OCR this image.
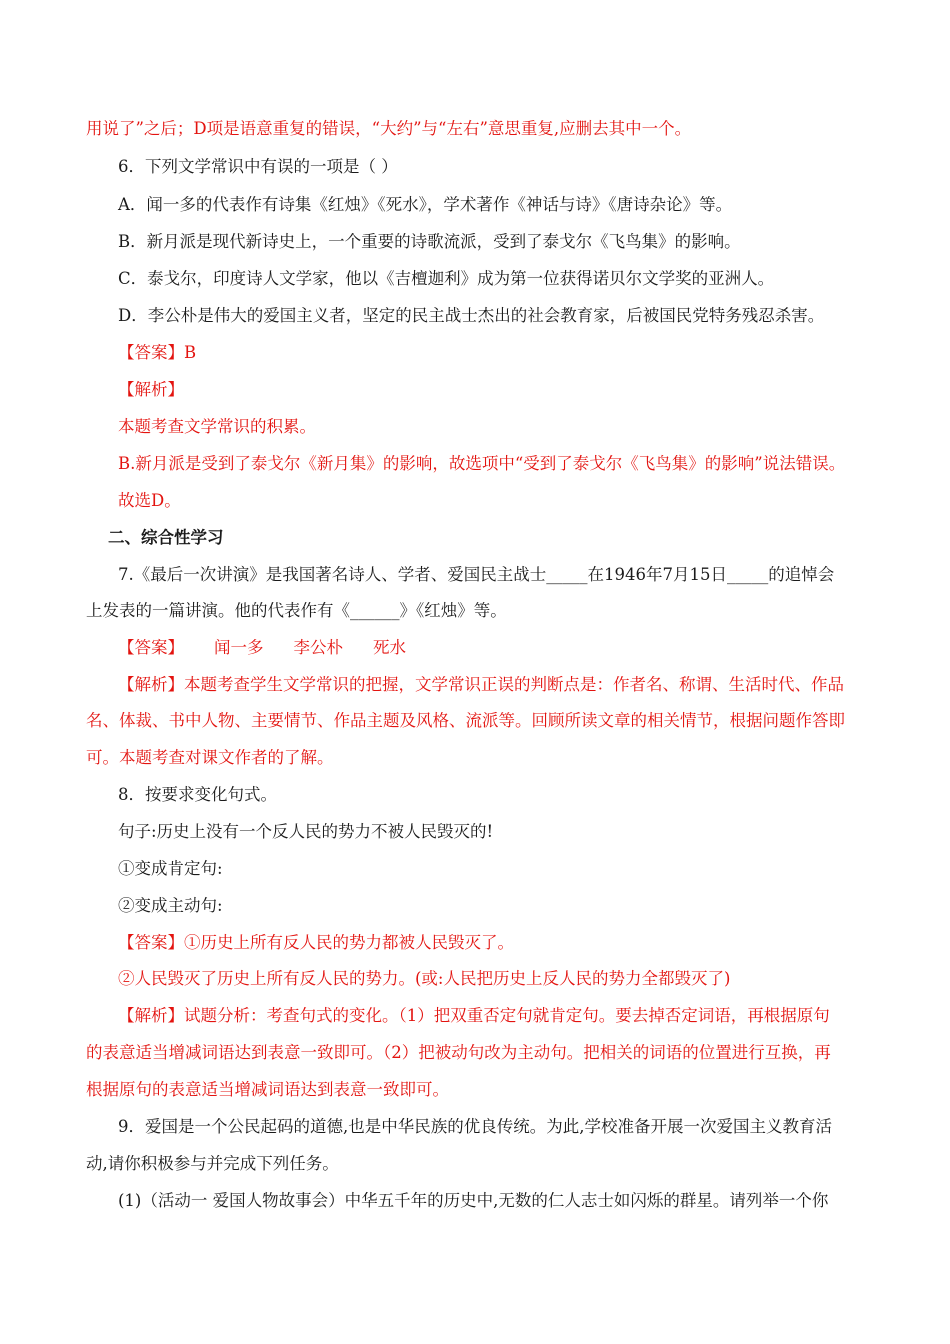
用说了”之后；D项是语意重复的错误，“大约”与“左右”意思重复,应删去其中一个。
6．下列文学常识中有误的一项是（ ）
A．闻一多的代表作有诗集《红烛》《死水》，学术著作《神话与诗》《唐诗杂论》等。
B．新月派是现代新诗史上，一个重要的诗歌流派，受到了泰戈尔《飞鸟集》的影响。
C．泰戈尔，印度诗人文学家，他以《吉檀迦利》成为第一位获得诺贝尔文学奖的亚洲人。
D．李公朴是伟大的爱国主义者，坚定的民主战士杰出的社会教育家，后被国民党特务残忍杀害。
【答案】B
【解析】
本题考查文学常识的积累。
B.新月派是受到了泰戈尔《新月集》的影响，故选项中“受到了泰戈尔《飞鸟集》的影响”说法错误。
故选D。
二、综合性学习
7.《最后一次讲演》是我国著名诗人、学者、爱国民主战士_____在1946年7月15日_____的追悼会
上发表的一篇讲演。他的代表作有《______》《红烛》等。
【答案】 闻一多 李公朴 死水
【解析】本题考查学生文学常识的把握，文学常识正误的判断点是：作者名、称谓、生活时代、作品
名、体裁、书中人物、主要情节、作品主题及风格、流派等。回顾所读文章的相关情节，根据问题作答即
可。本题考查对课文作者的了解。
8．按要求变化句式。
句子:历史上没有一个反人民的势力不被人民毁灭的!
①变成肯定句:
②变成主动句:
【答案】①历史上所有反人民的势力都被人民毁灭了。
②人民毁灭了历史上所有反人民的势力。(或:人民把历史上反人民的势力全都毁灭了)
【解析】试题分析：考查句式的变化。（1）把双重否定句就肯定句。要去掉否定词语，再根据原句
的表意适当增减词语达到表意一致即可。（2）把被动句改为主动句。把相关的词语的位置进行互换，再
根据原句的表意适当增减词语达到表意一致即可。
9．爱国是一个公民起码的道德,也是中华民族的优良传统。为此,学校准备开展一次爱国主义教育活
动,请你积极参与并完成下列任务。
(1)（活动一 爱国人物故事会）中华五千年的历史中,无数的仁人志士如闪烁的群星。请列举一个你
